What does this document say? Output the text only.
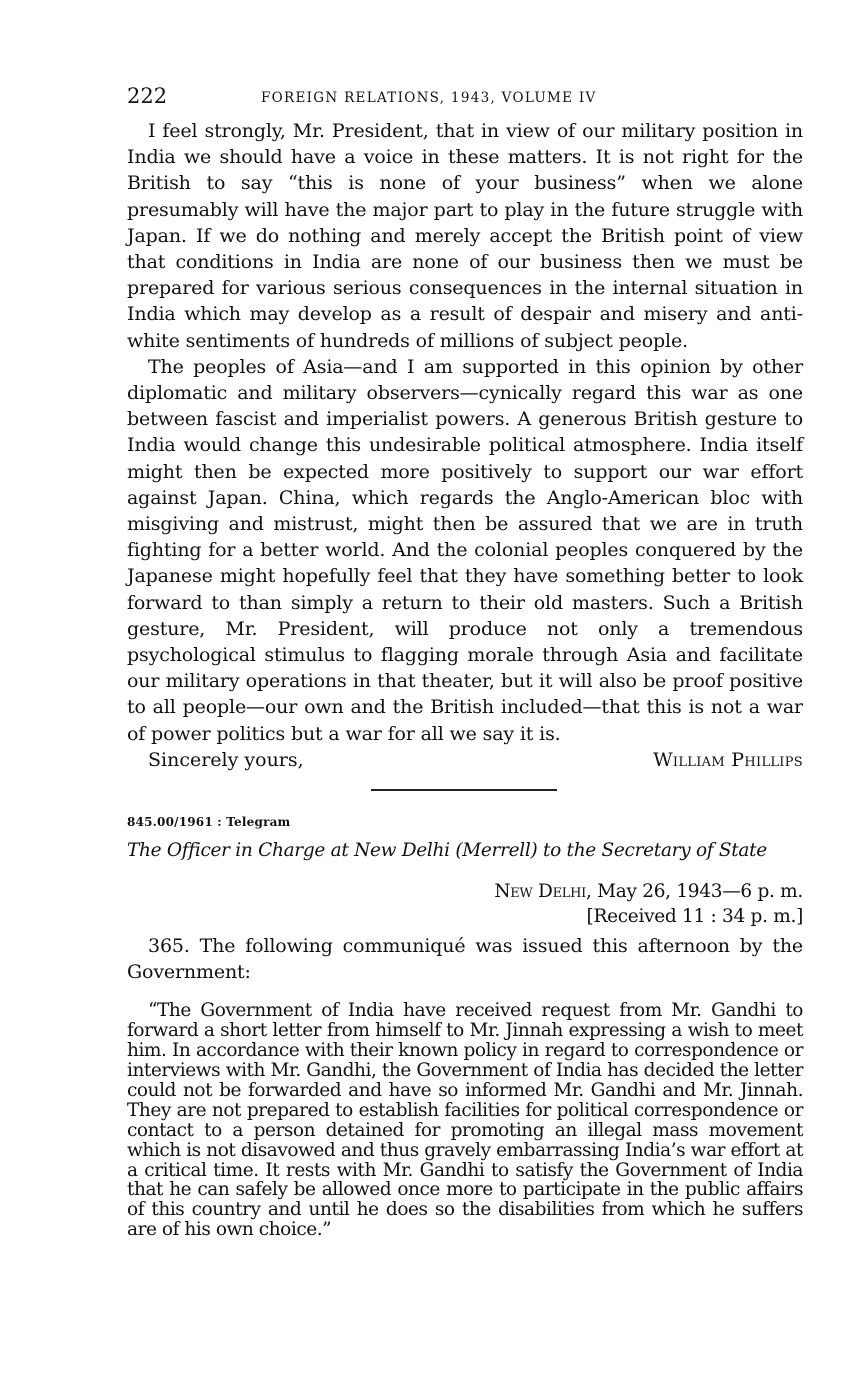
222	FOREIGN RELATIONS, 1943, VOLUME IV

I feel strongly, Mr. President, that in view of our military position in India we should have a voice in these matters. It is not right for the British to say “this is none of your business” when we alone presumably will have the major part to play in the future struggle with Japan. If we do nothing and merely accept the British point of view that conditions in India are none of our business then we must be prepared for various serious consequences in the internal situation in India which may develop as a result of despair and misery and anti-white sentiments of hundreds of millions of subject people.

The peoples of Asia—and I am supported in this opinion by other diplomatic and military observers—cynically regard this war as one between fascist and imperialist powers. A generous British gesture to India would change this undesirable political atmosphere. India itself might then be expected more positively to support our war effort against Japan. China, which regards the Anglo-American bloc with misgiving and mistrust, might then be assured that we are in truth fighting for a better world. And the colonial peoples conquered by the Japanese might hopefully feel that they have something better to look forward to than simply a return to their old masters. Such a British gesture, Mr. President, will produce not only a tremendous psychological stimulus to flagging morale through Asia and facilitate our military operations in that theater, but it will also be proof positive to all people—our own and the British included—that this is not a war of power politics but a war for all we say it is.

Sincerely yours,	William Phillips
845.00/1961 : Telegram
The Officer in Charge at New Delhi (Merrell) to the Secretary of State
New Delhi, May 26, 1943—6 p. m.
[Received 11 : 34 p. m.]

365. The following communiqué was issued this afternoon by the Government:

“The Government of India have received request from Mr. Gandhi to forward a short letter from himself to Mr. Jinnah expressing a wish to meet him. In accordance with their known policy in regard to correspondence or interviews with Mr. Gandhi, the Government of India has decided the letter could not be forwarded and have so informed Mr. Gandhi and Mr. Jinnah. They are not prepared to establish facilities for political correspondence or contact to a person detained for promoting an illegal mass movement which is not disavowed and thus gravely embarrassing India’s war effort at a critical time. It rests with Mr. Gandhi to satisfy the Government of India that he can safely be allowed once more to participate in the public affairs of this country and until he does so the disabilities from which he suffers are of his own choice.”
